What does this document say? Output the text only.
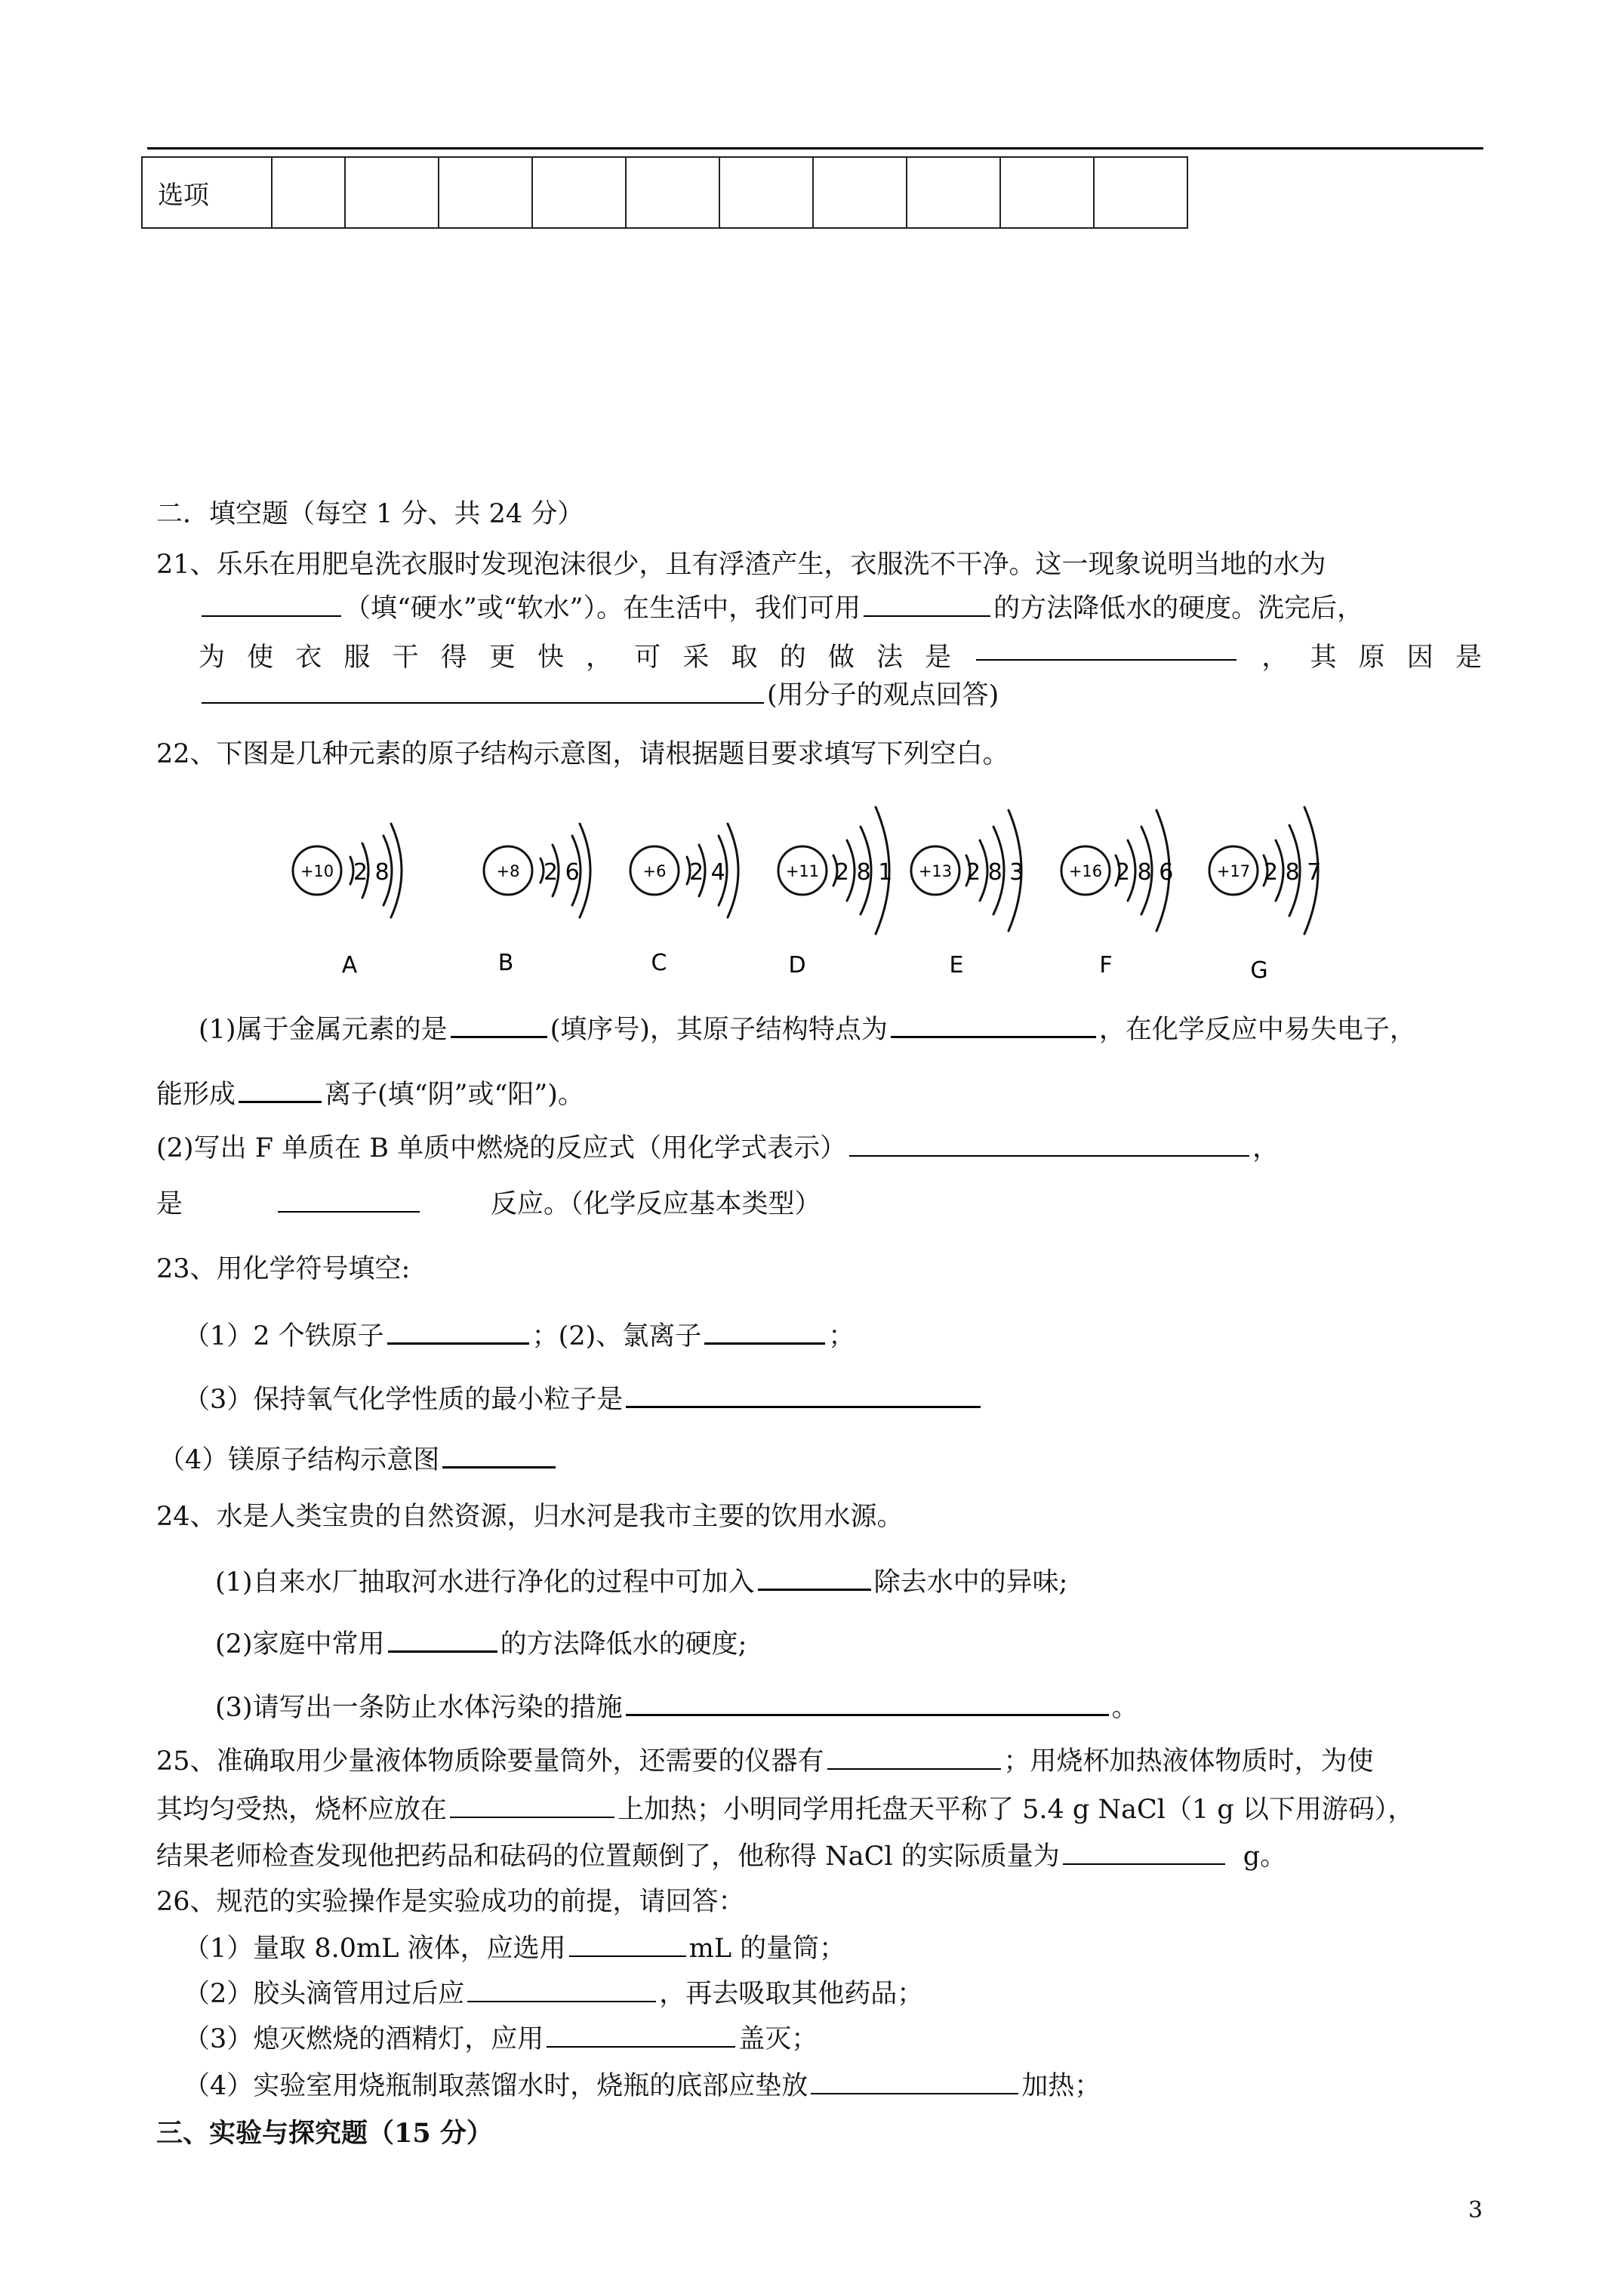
选项										
二．填空题（每空 1 分、共 24 分）
21、乐乐在用肥皂洗衣服时发现泡沫很少，且有浮渣产生，衣服洗不干净。这一现象说明当地的水为
（填“硬水”或“软水”）。在生活中，我们可用	的方法降低水的硬度。洗完后，
为 使 衣 服 干 得 更 快 ， 可 采 取 的 做 法 是	， 其 原 因 是
(用分子的观点回答)
22、下图是几种元素的原子结构示意图，请根据题目要求填写下列空白。
+10	+8	+6	+11	+13	+16	+17
2 8	2 6	2 4	2 8 1	2 8 3	2 8 6	2 8 7
A	B	C	D	E	F	G
(1)属于金属元素的是	(填序号)，其原子结构特点为	，在化学反应中易失电子，
能形成	离子(填“阴”或“阳”)。
(2)写出 F 单质在 B 单质中燃烧的反应式（用化学式表示）	，
是	反应。（化学反应基本类型）
23、用化学符号填空:
（1）2 个铁原子	；(2)、氯离子	；
（3）保持氧气化学性质的最小粒子是
（4）镁原子结构示意图
24、水是人类宝贵的自然资源，归水河是我市主要的饮用水源。
(1)自来水厂抽取河水进行净化的过程中可加入	除去水中的异味;
(2)家庭中常用	的方法降低水的硬度;
(3)请写出一条防止水体污染的措施	。
25、准确取用少量液体物质除要量筒外，还需要的仪器有	；用烧杯加热液体物质时，为使
其均匀受热，烧杯应放在	上加热；小明同学用托盘天平称了 5.4 g NaCl（1 g 以下用游码），
结果老师检查发现他把药品和砝码的位置颠倒了，他称得 NaCl 的实际质量为	g。
26、规范的实验操作是实验成功的前提，请回答：
（1）量取 8.0mL 液体，应选用	mL 的量筒；
（2）胶头滴管用过后应	，再去吸取其他药品；
（3）熄灭燃烧的酒精灯，应用	盖灭；
（4）实验室用烧瓶制取蒸馏水时，烧瓶的底部应垫放	加热；
三、实验与探究题（15 分）
3
